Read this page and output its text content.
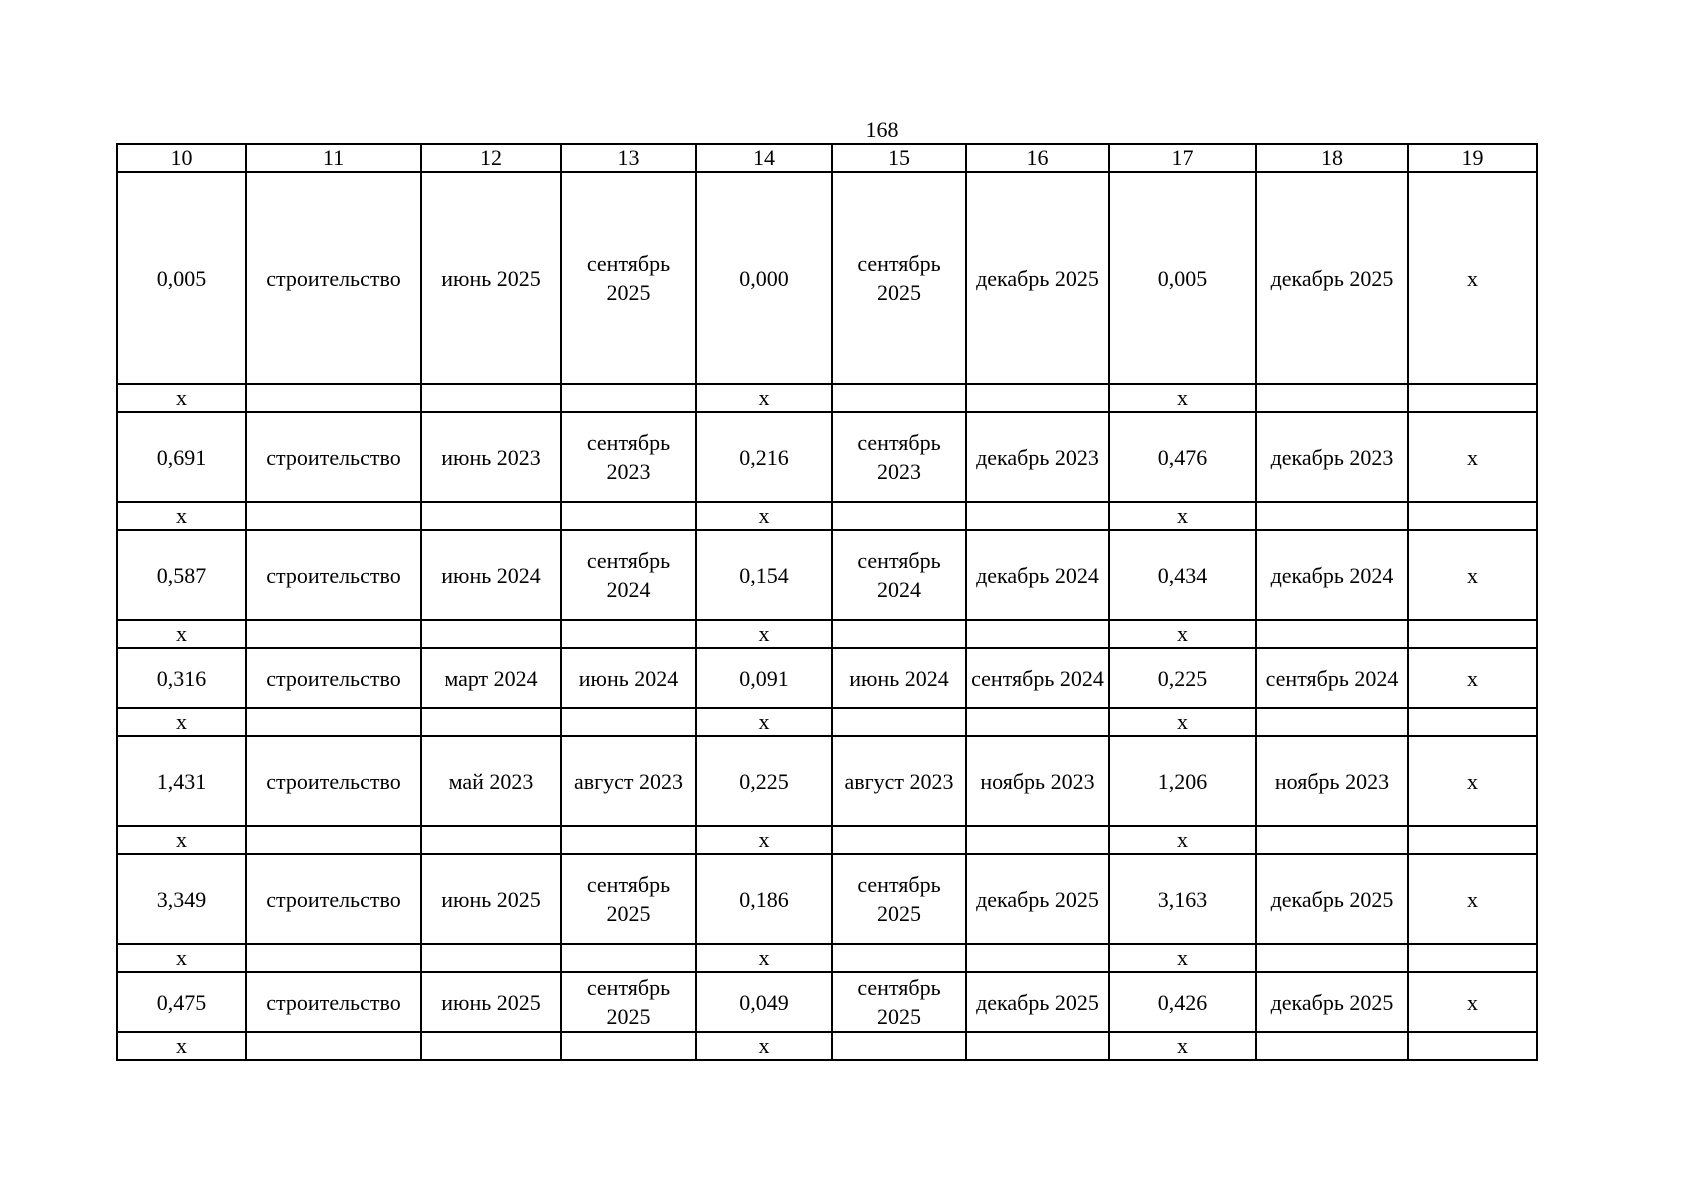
168
10	11	12	13	14	15	16	17	18	19
0,005	строительство	июнь 2025	сентябрь 2025	0,000	сентябрь 2025	декабрь 2025	0,005	декабрь 2025	х
х				х			х		
0,691	строительство	июнь 2023	сентябрь 2023	0,216	сентябрь 2023	декабрь 2023	0,476	декабрь 2023	х
х				х			х		
0,587	строительство	июнь 2024	сентябрь 2024	0,154	сентябрь 2024	декабрь 2024	0,434	декабрь 2024	х
х				х			х		
0,316	строительство	март 2024	июнь 2024	0,091	июнь 2024	сентябрь 2024	0,225	сентябрь 2024	х
х				х			х		
1,431	строительство	май 2023	август 2023	0,225	август 2023	ноябрь 2023	1,206	ноябрь 2023	х
х				х			х		
3,349	строительство	июнь 2025	сентябрь 2025	0,186	сентябрь 2025	декабрь 2025	3,163	декабрь 2025	х
х				х			х		
0,475	строительство	июнь 2025	сентябрь 2025	0,049	сентябрь 2025	декабрь 2025	0,426	декабрь 2025	х
х				х			х		
